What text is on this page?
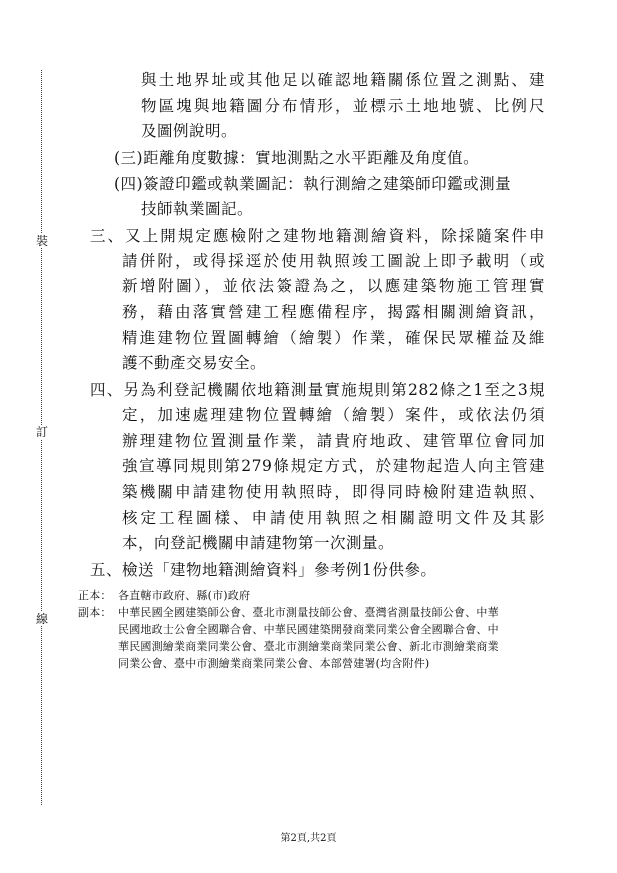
裝
訂
線
與土地界址或其他足以確認地籍關係位置之測點、建
物區塊與地籍圖分布情形，並標示土地地號、比例尺
及圖例說明。
(三)距離角度數據：實地測點之水平距離及角度值。
(四)簽證印鑑或執業圖記：執行測繪之建築師印鑑或測量
技師執業圖記。
三、又上開規定應檢附之建物地籍測繪資料，除採隨案件申
請併附，或得採逕於使用執照竣工圖說上即予載明（或
新增附圖），並依法簽證為之，以應建築物施工管理實
務，藉由落實營建工程應備程序，揭露相關測繪資訊，
精進建物位置圖轉繪（繪製）作業，確保民眾權益及維
護不動產交易安全。
四、另為利登記機關依地籍測量實施規則第282條之1至之3規
定，加速處理建物位置轉繪（繪製）案件，或依法仍須
辦理建物位置測量作業，請貴府地政、建管單位會同加
強宣導同規則第279條規定方式，於建物起造人向主管建
築機關申請建物使用執照時，即得同時檢附建造執照、
核定工程圖樣、申請使用執照之相關證明文件及其影
本，向登記機關申請建物第一次測量。
五、檢送「建物地籍測繪資料」參考例1份供參。
正本： 各直轄市政府、縣(市)政府
副本： 中華民國全國建築師公會、臺北市測量技師公會、臺灣省測量技師公會、中華
民國地政士公會全國聯合會、中華民國建築開發商業同業公會全國聯合會、中
華民國測繪業商業同業公會、臺北市測繪業商業同業公會、新北市測繪業商業
同業公會、臺中市測繪業商業同業公會、本部營建署(均含附件)
第2頁,共2頁
